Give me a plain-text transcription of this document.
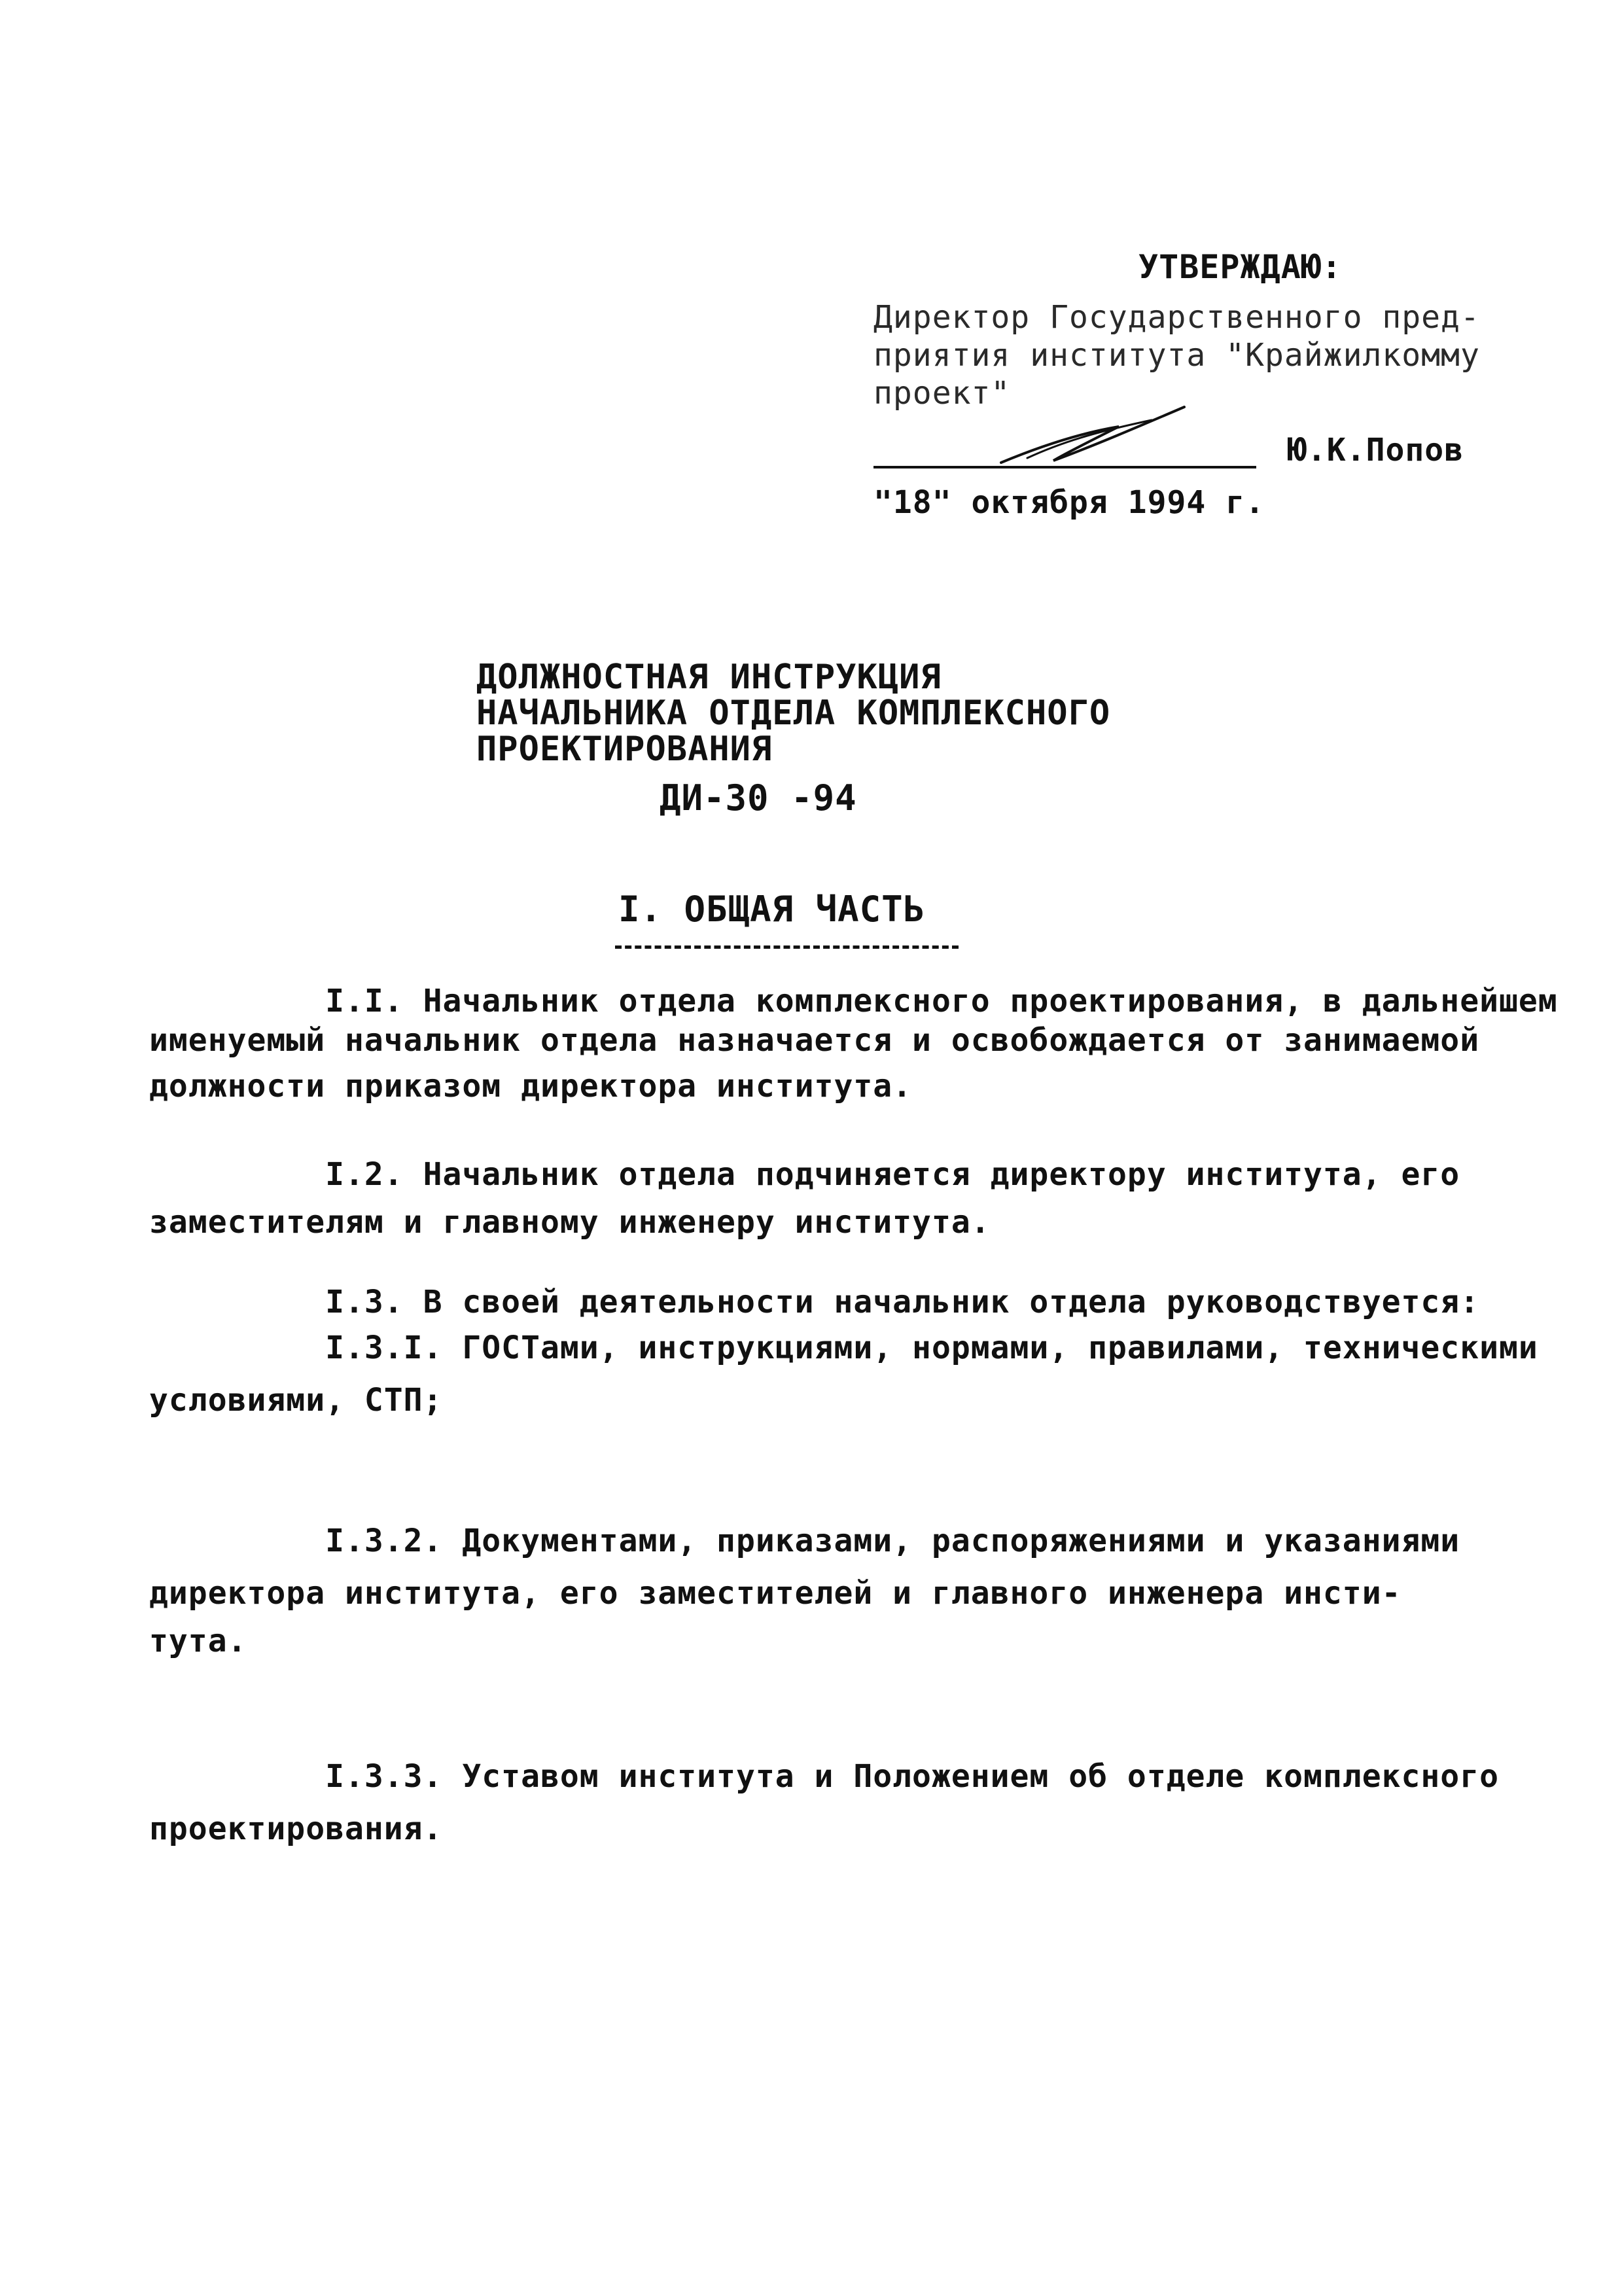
УТВЕРЖДАЮ:
Директор Государственного пред-
приятия института "Крайжилкомму
проект"
Ю.К.Попов
"18" октября 1994 г.
ДОЛЖНОСТНАЯ ИНСТРУКЦИЯ
НАЧАЛЬНИКА ОТДЕЛА КОМПЛЕКСНОГО
ПРОЕКТИРОВАНИЯ
ДИ-30 -94
I. ОБЩАЯ ЧАСТЬ
I.I. Начальник отдела комплексного проектирования, в дальнейшем
именуемый начальник отдела назначается и освобождается от занимаемой
должности приказом директора института.
I.2. Начальник отдела подчиняется директору института, его
заместителям и главному инженеру института.
I.3. В своей деятельности начальник отдела руководствуется:
I.3.I. ГОСТами, инструкциями, нормами, правилами, техническими
условиями, СТП;
I.3.2. Документами, приказами, распоряжениями и указаниями
директора института, его заместителей и главного инженера инсти-
тута.
I.3.3. Уставом института и Положением об отделе комплексного
проектирования.
